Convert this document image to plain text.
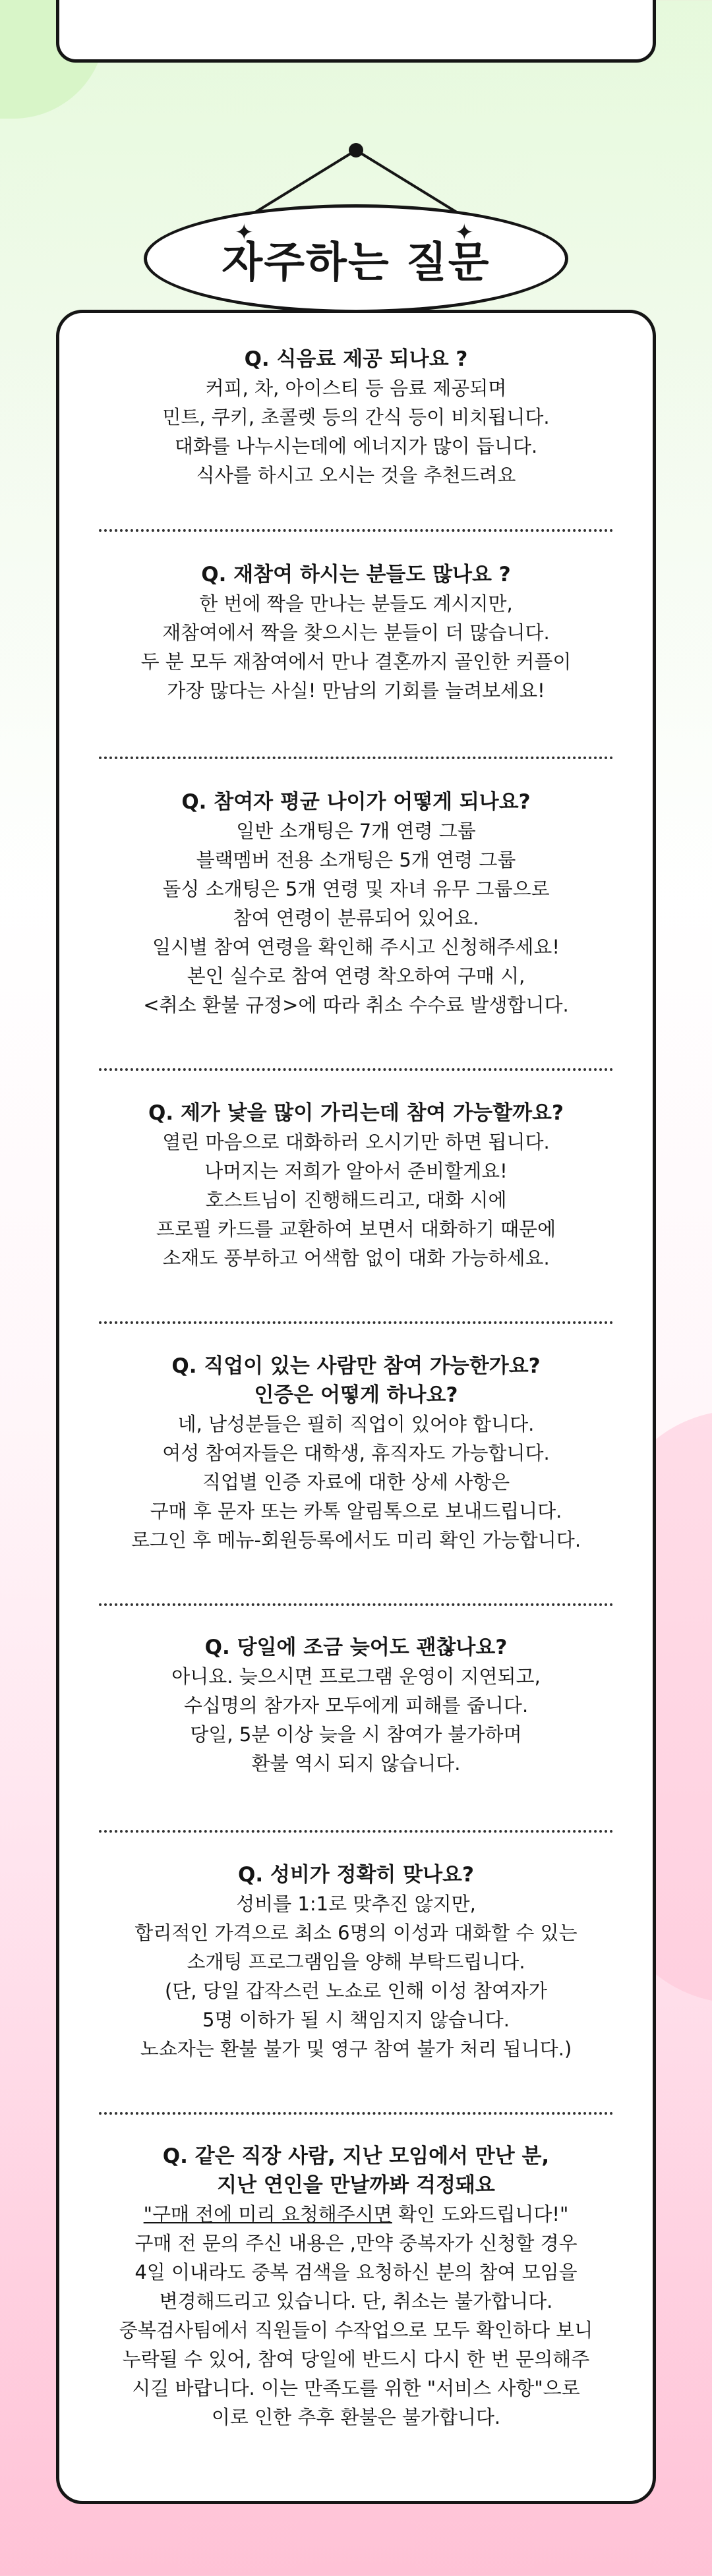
자주하는 질문
✦	✦
Q. 식음료 제공 되나요 ?
커피, 차, 아이스티 등 음료 제공되며
민트, 쿠키, 초콜렛 등의 간식 등이 비치됩니다.
대화를 나누시는데에 에너지가 많이 듭니다.
식사를 하시고 오시는 것을 추천드려요
Q. 재참여 하시는 분들도 많나요 ?
한 번에 짝을 만나는 분들도 계시지만,
재참여에서 짝을 찾으시는 분들이 더 많습니다.
두 분 모두 재참여에서 만나 결혼까지 골인한 커플이
가장 많다는 사실! 만남의 기회를 늘려보세요!
Q. 참여자 평균 나이가 어떻게 되나요?
일반 소개팅은 7개 연령 그룹
블랙멤버 전용 소개팅은 5개 연령 그룹
돌싱 소개팅은 5개 연령 및 자녀 유무 그룹으로
참여 연령이 분류되어 있어요.
일시별 참여 연령을 확인해 주시고 신청해주세요!
본인 실수로 참여 연령 착오하여 구매 시,
<취소 환불 규정>에 따라 취소 수수료 발생합니다.
Q. 제가 낯을 많이 가리는데 참여 가능할까요?
열린 마음으로 대화하러 오시기만 하면 됩니다.
나머지는 저희가 알아서 준비할게요!
호스트님이 진행해드리고, 대화 시에
프로필 카드를 교환하여 보면서 대화하기 때문에
소재도 풍부하고 어색함 없이 대화 가능하세요.
Q. 직업이 있는 사람만 참여 가능한가요?
인증은 어떻게 하나요?
네, 남성분들은 필히 직업이 있어야 합니다.
여성 참여자들은 대학생, 휴직자도 가능합니다.
직업별 인증 자료에 대한 상세 사항은
구매 후 문자 또는 카톡 알림톡으로 보내드립니다.
로그인 후 메뉴-회원등록에서도 미리 확인 가능합니다.
Q. 당일에 조금 늦어도 괜찮나요?
아니요. 늦으시면 프로그램 운영이 지연되고,
수십명의 참가자 모두에게 피해를 줍니다.
당일, 5분 이상 늦을 시 참여가 불가하며
환불 역시 되지 않습니다.
Q. 성비가 정확히 맞나요?
성비를 1:1로 맞추진 않지만,
합리적인 가격으로 최소 6명의 이성과 대화할 수 있는
소개팅 프로그램임을 양해 부탁드립니다.
(단, 당일 갑작스런 노쇼로 인해 이성 참여자가
5명 이하가 될 시 책임지지 않습니다.
노쇼자는 환불 불가 및 영구 참여 불가 처리 됩니다.)
Q. 같은 직장 사람, 지난 모임에서 만난 분,
지난 연인을 만날까봐 걱정돼요
"구매 전에 미리 요청해주시면 확인 도와드립니다!"
구매 전 문의 주신 내용은 ,만약 중복자가 신청할 경우
4일 이내라도 중복 검색을 요청하신 분의 참여 모임을
변경해드리고 있습니다. 단, 취소는 불가합니다.
중복검사팀에서 직원들이 수작업으로 모두 확인하다 보니
누락될 수 있어, 참여 당일에 반드시 다시 한 번 문의해주
시길 바랍니다. 이는 만족도를 위한 "서비스 사항"으로
이로 인한 추후 환불은 불가합니다.
